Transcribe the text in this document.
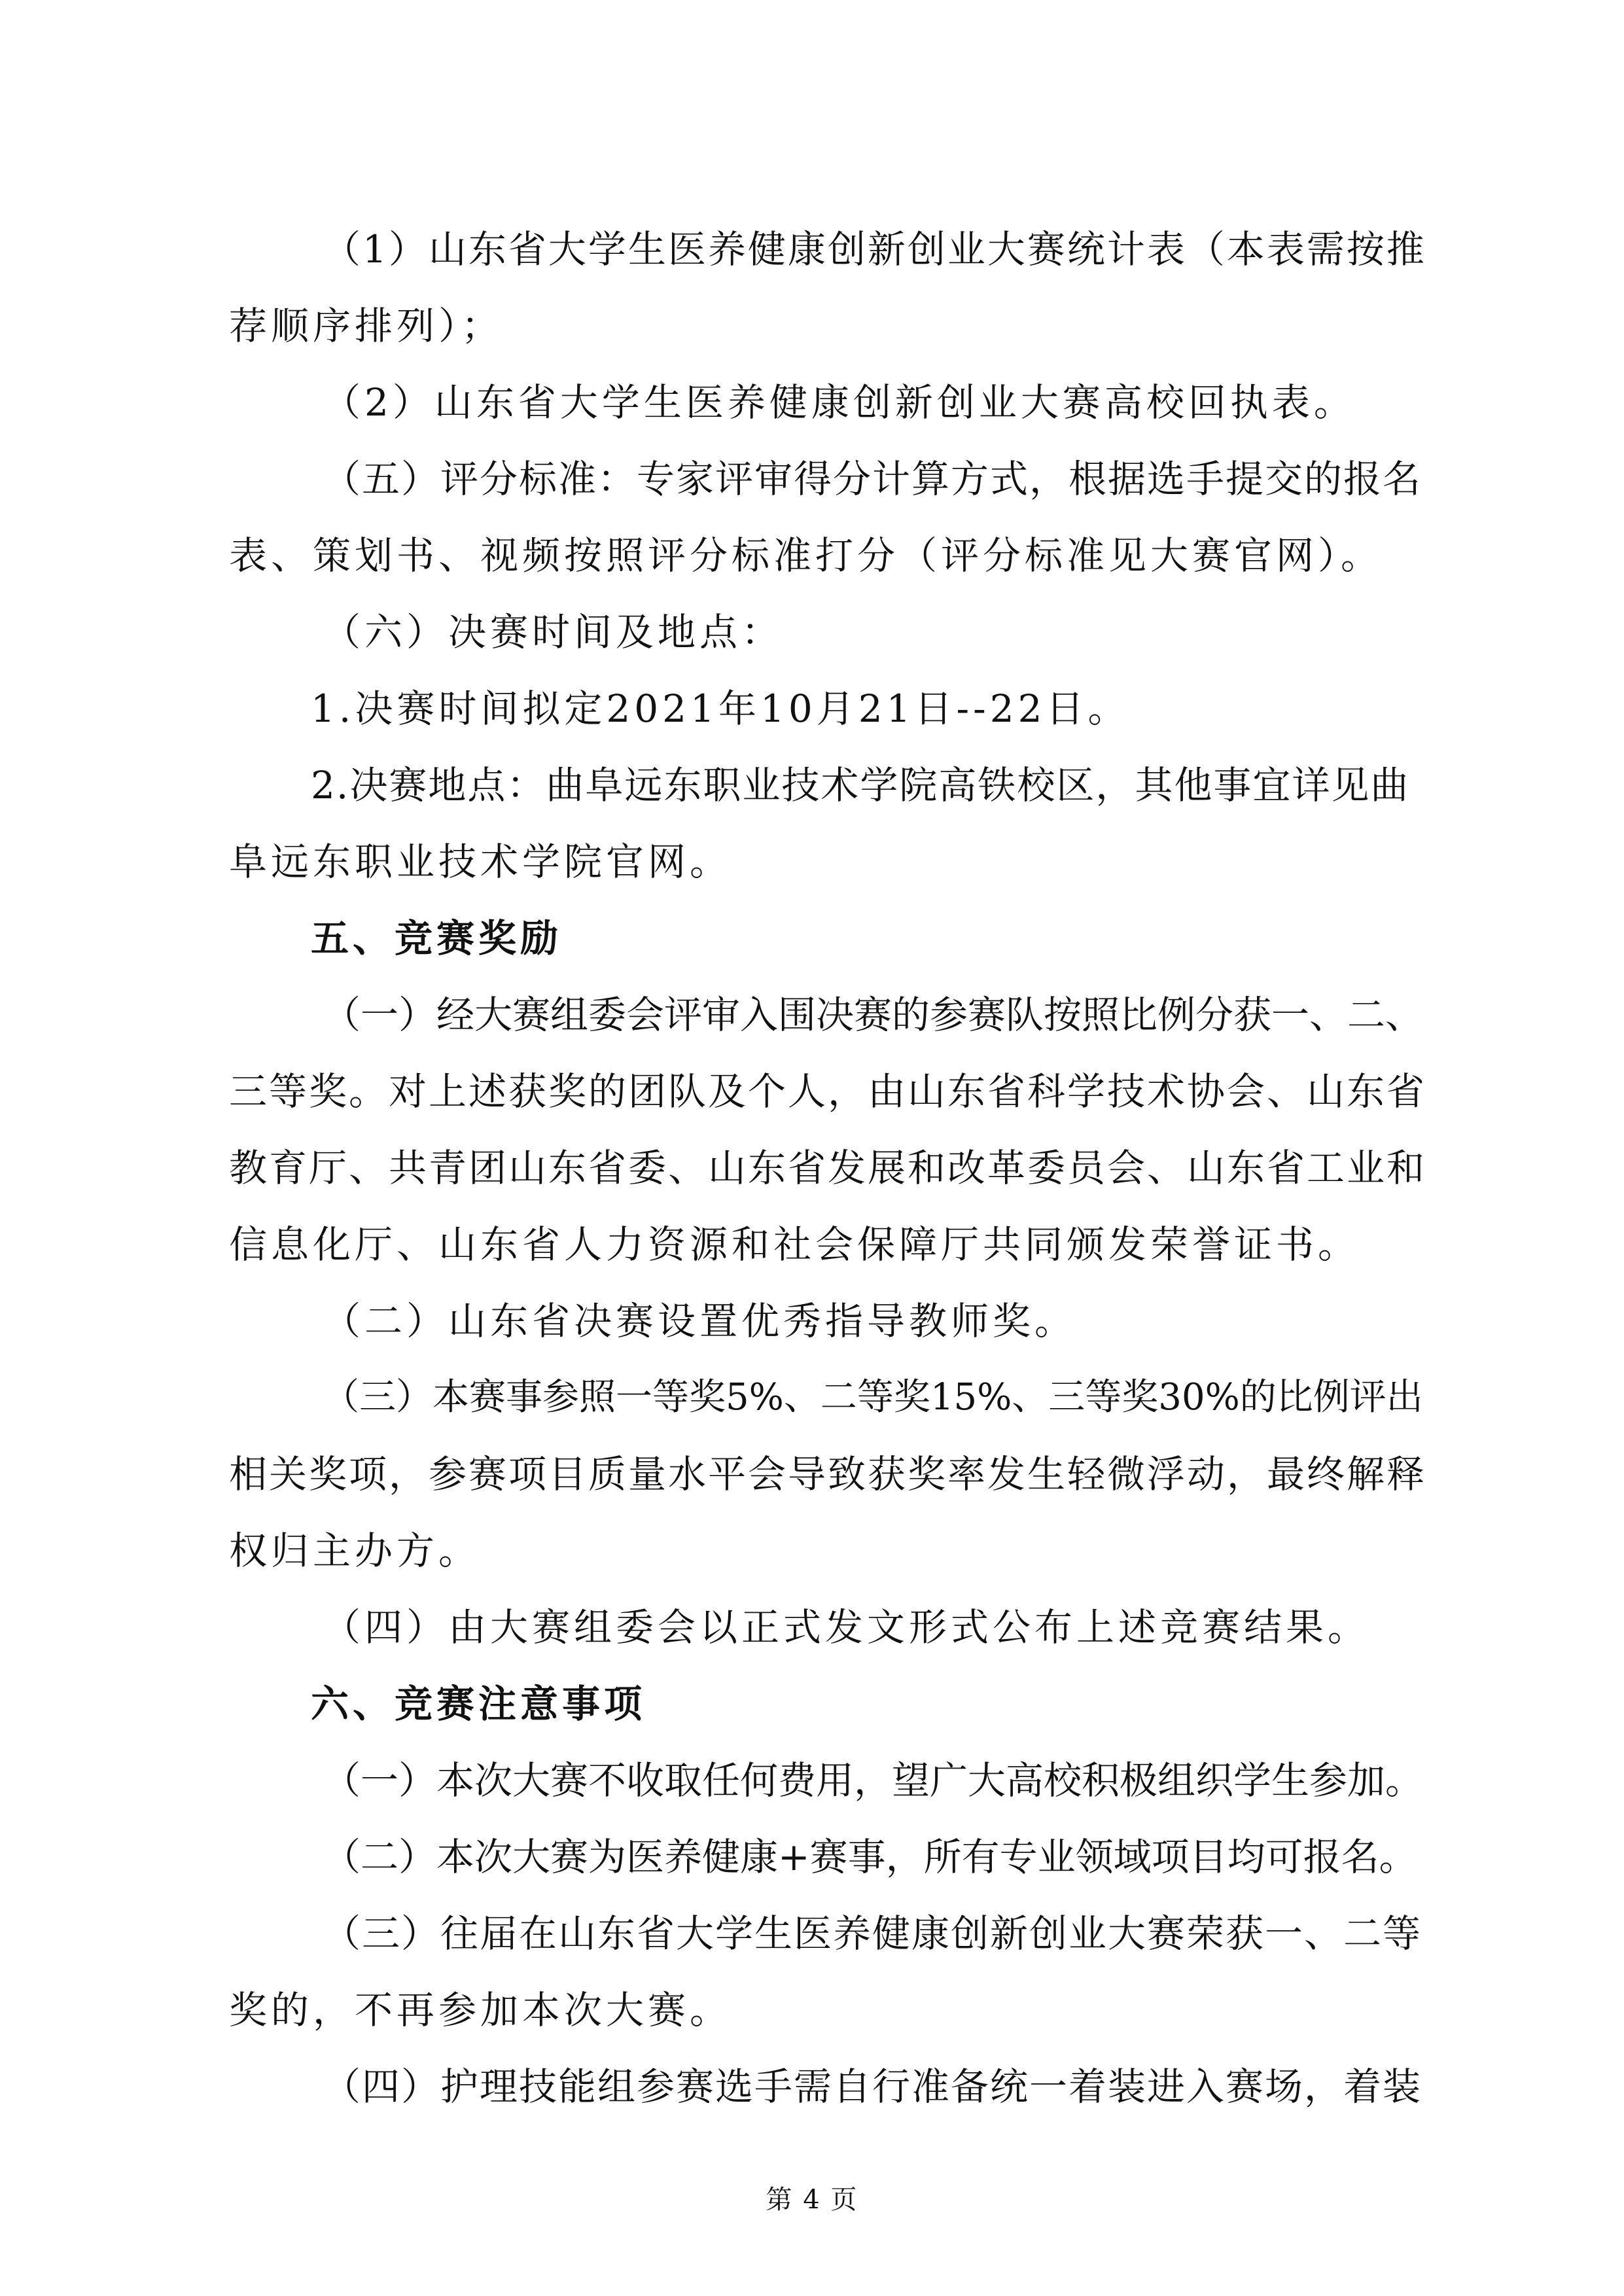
（1）山东省大学生医养健康创新创业大赛统计表（本表需按推
荐顺序排列）；
（2）山东省大学生医养健康创新创业大赛高校回执表。
（五）评分标准：专家评审得分计算方式，根据选手提交的报名
表、策划书、视频按照评分标准打分（评分标准见大赛官网）。
（六）决赛时间及地点：
1.决赛时间拟定2021年10月21日--22日。
2.决赛地点：曲阜远东职业技术学院高铁校区，其他事宜详见曲
阜远东职业技术学院官网。
五、竞赛奖励
（一）经大赛组委会评审入围决赛的参赛队按照比例分获一、二、
三等奖。对上述获奖的团队及个人，由山东省科学技术协会、山东省
教育厅、共青团山东省委、山东省发展和改革委员会、山东省工业和
信息化厅、山东省人力资源和社会保障厅共同颁发荣誉证书。
（二）山东省决赛设置优秀指导教师奖。
（三）本赛事参照一等奖5%、二等奖15%、三等奖30%的比例评出
相关奖项，参赛项目质量水平会导致获奖率发生轻微浮动，最终解释
权归主办方。
（四）由大赛组委会以正式发文形式公布上述竞赛结果。
六、竞赛注意事项
（一）本次大赛不收取任何费用，望广大高校积极组织学生参加。
（二）本次大赛为医养健康+赛事，所有专业领域项目均可报名。
（三）往届在山东省大学生医养健康创新创业大赛荣获一、二等
奖的，不再参加本次大赛。
（四）护理技能组参赛选手需自行准备统一着装进入赛场，着装
第 4 页
